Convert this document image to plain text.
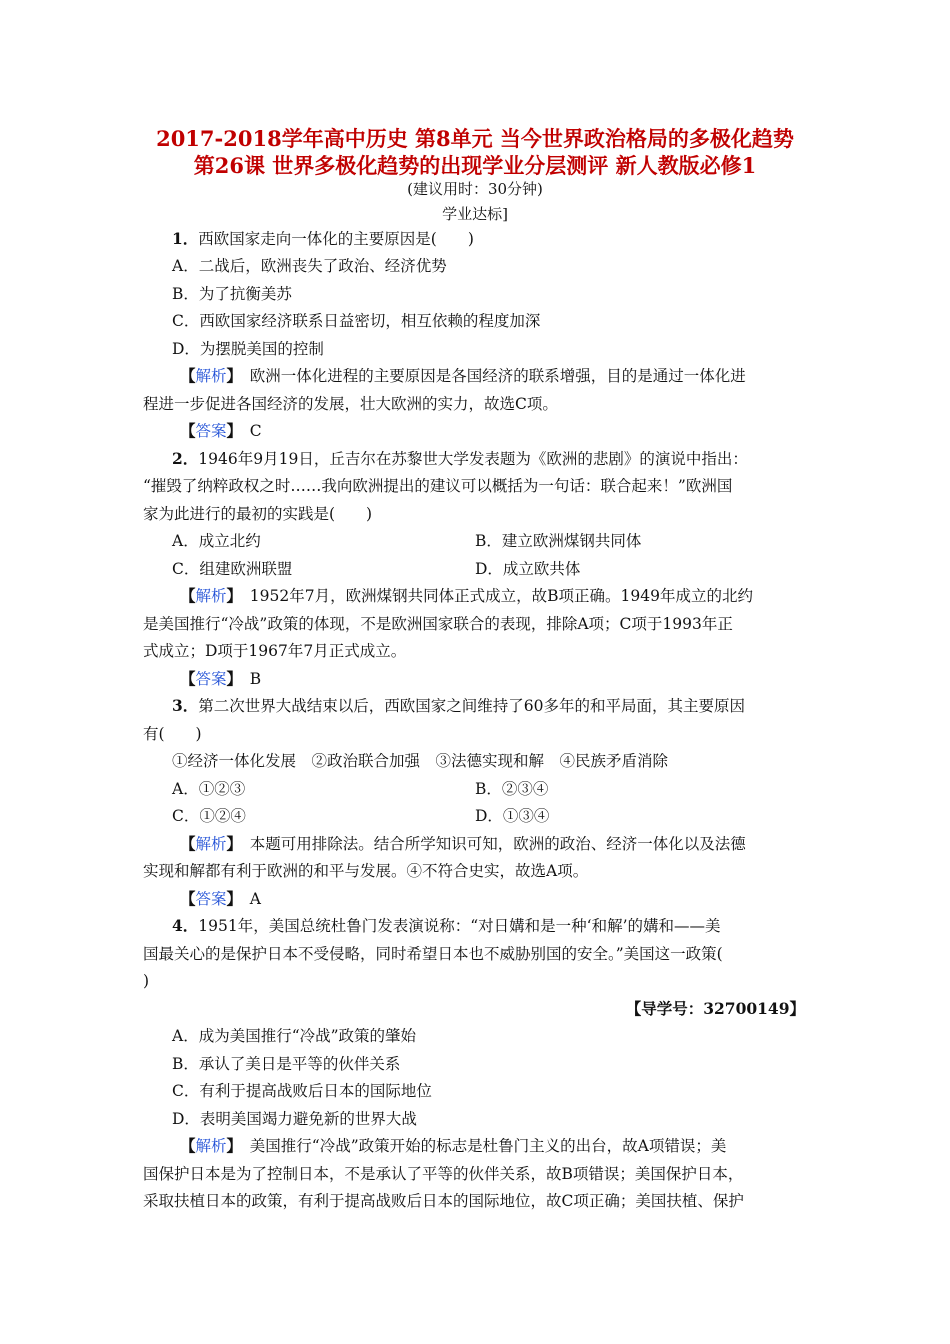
2017-2018学年高中历史 第8单元 当今世界政治格局的多极化趋势
第26课 世界多极化趋势的出现学业分层测评 新人教版必修1
(建议用时：30分钟)
学业达标]
1．西欧国家走向一体化的主要原因是(　　)
A．二战后，欧洲丧失了政治、经济优势
B．为了抗衡美苏
C．西欧国家经济联系日益密切，相互依赖的程度加深
D．为摆脱美国的控制
【解析】　欧洲一体化进程的主要原因是各国经济的联系增强，目的是通过一体化进
程进一步促进各国经济的发展，壮大欧洲的实力，故选C项。
【答案】　C
2．1946年9月19日，丘吉尔在苏黎世大学发表题为《欧洲的悲剧》的演说中指出：
“摧毁了纳粹政权之时……我向欧洲提出的建议可以概括为一句话：联合起来！”欧洲国
家为此进行的最初的实践是(　　)
A．成立北约	B．建立欧洲煤钢共同体
C．组建欧洲联盟	D．成立欧共体
【解析】　1952年7月，欧洲煤钢共同体正式成立，故B项正确。1949年成立的北约
是美国推行“冷战”政策的体现，不是欧洲国家联合的表现，排除A项；C项于1993年正
式成立；D项于1967年7月正式成立。
【答案】　B
3．第二次世界大战结束以后，西欧国家之间维持了60多年的和平局面，其主要原因
有(　　)
①经济一体化发展　②政治联合加强　③法德实现和解　④民族矛盾消除
A．①②③	B．②③④
C．①②④	D．①③④
【解析】　本题可用排除法。结合所学知识可知，欧洲的政治、经济一体化以及法德
实现和解都有利于欧洲的和平与发展。④不符合史实，故选A项。
【答案】　A
4．1951年，美国总统杜鲁门发表演说称：“对日媾和是一种‘和解’的媾和——美
国最关心的是保护日本不受侵略，同时希望日本也不威胁别国的安全。”美国这一政策(
)
【导学号：32700149】
A．成为美国推行“冷战”政策的肇始
B．承认了美日是平等的伙伴关系
C．有利于提高战败后日本的国际地位
D．表明美国竭力避免新的世界大战
【解析】　美国推行“冷战”政策开始的标志是杜鲁门主义的出台，故A项错误；美
国保护日本是为了控制日本，不是承认了平等的伙伴关系，故B项错误；美国保护日本，
采取扶植日本的政策，有利于提高战败后日本的国际地位，故C项正确；美国扶植、保护
